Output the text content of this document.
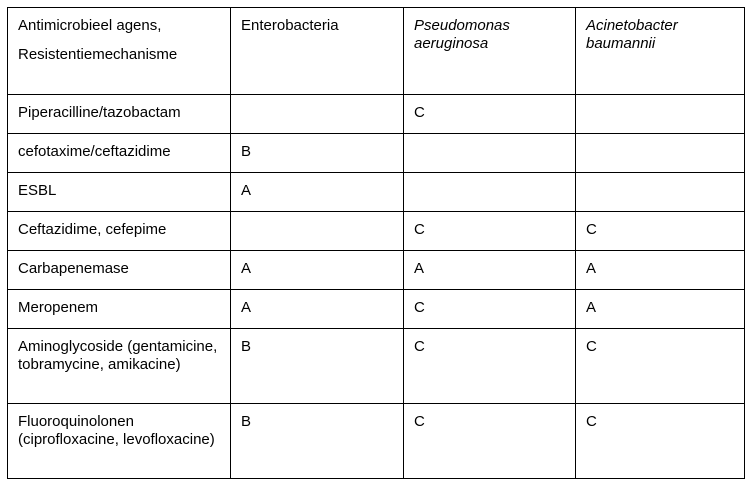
Antimicrobieel agens,
Resistentiemechanisme	Enterobacteria	Pseudomonas aeruginosa	Acinetobacter baumannii

Piperacilline/tazobactam		C	
cefotaxime/ceftazidime	B		
ESBL	A		
Ceftazidime, cefepime		C	C
Carbapenemase	A	A	A
Meropenem	A	C	A
Aminoglycoside (gentamicine, tobramycine, amikacine)	B	C	C
Fluoroquinolonen (ciprofloxacine, levofloxacine)	B	C	C
